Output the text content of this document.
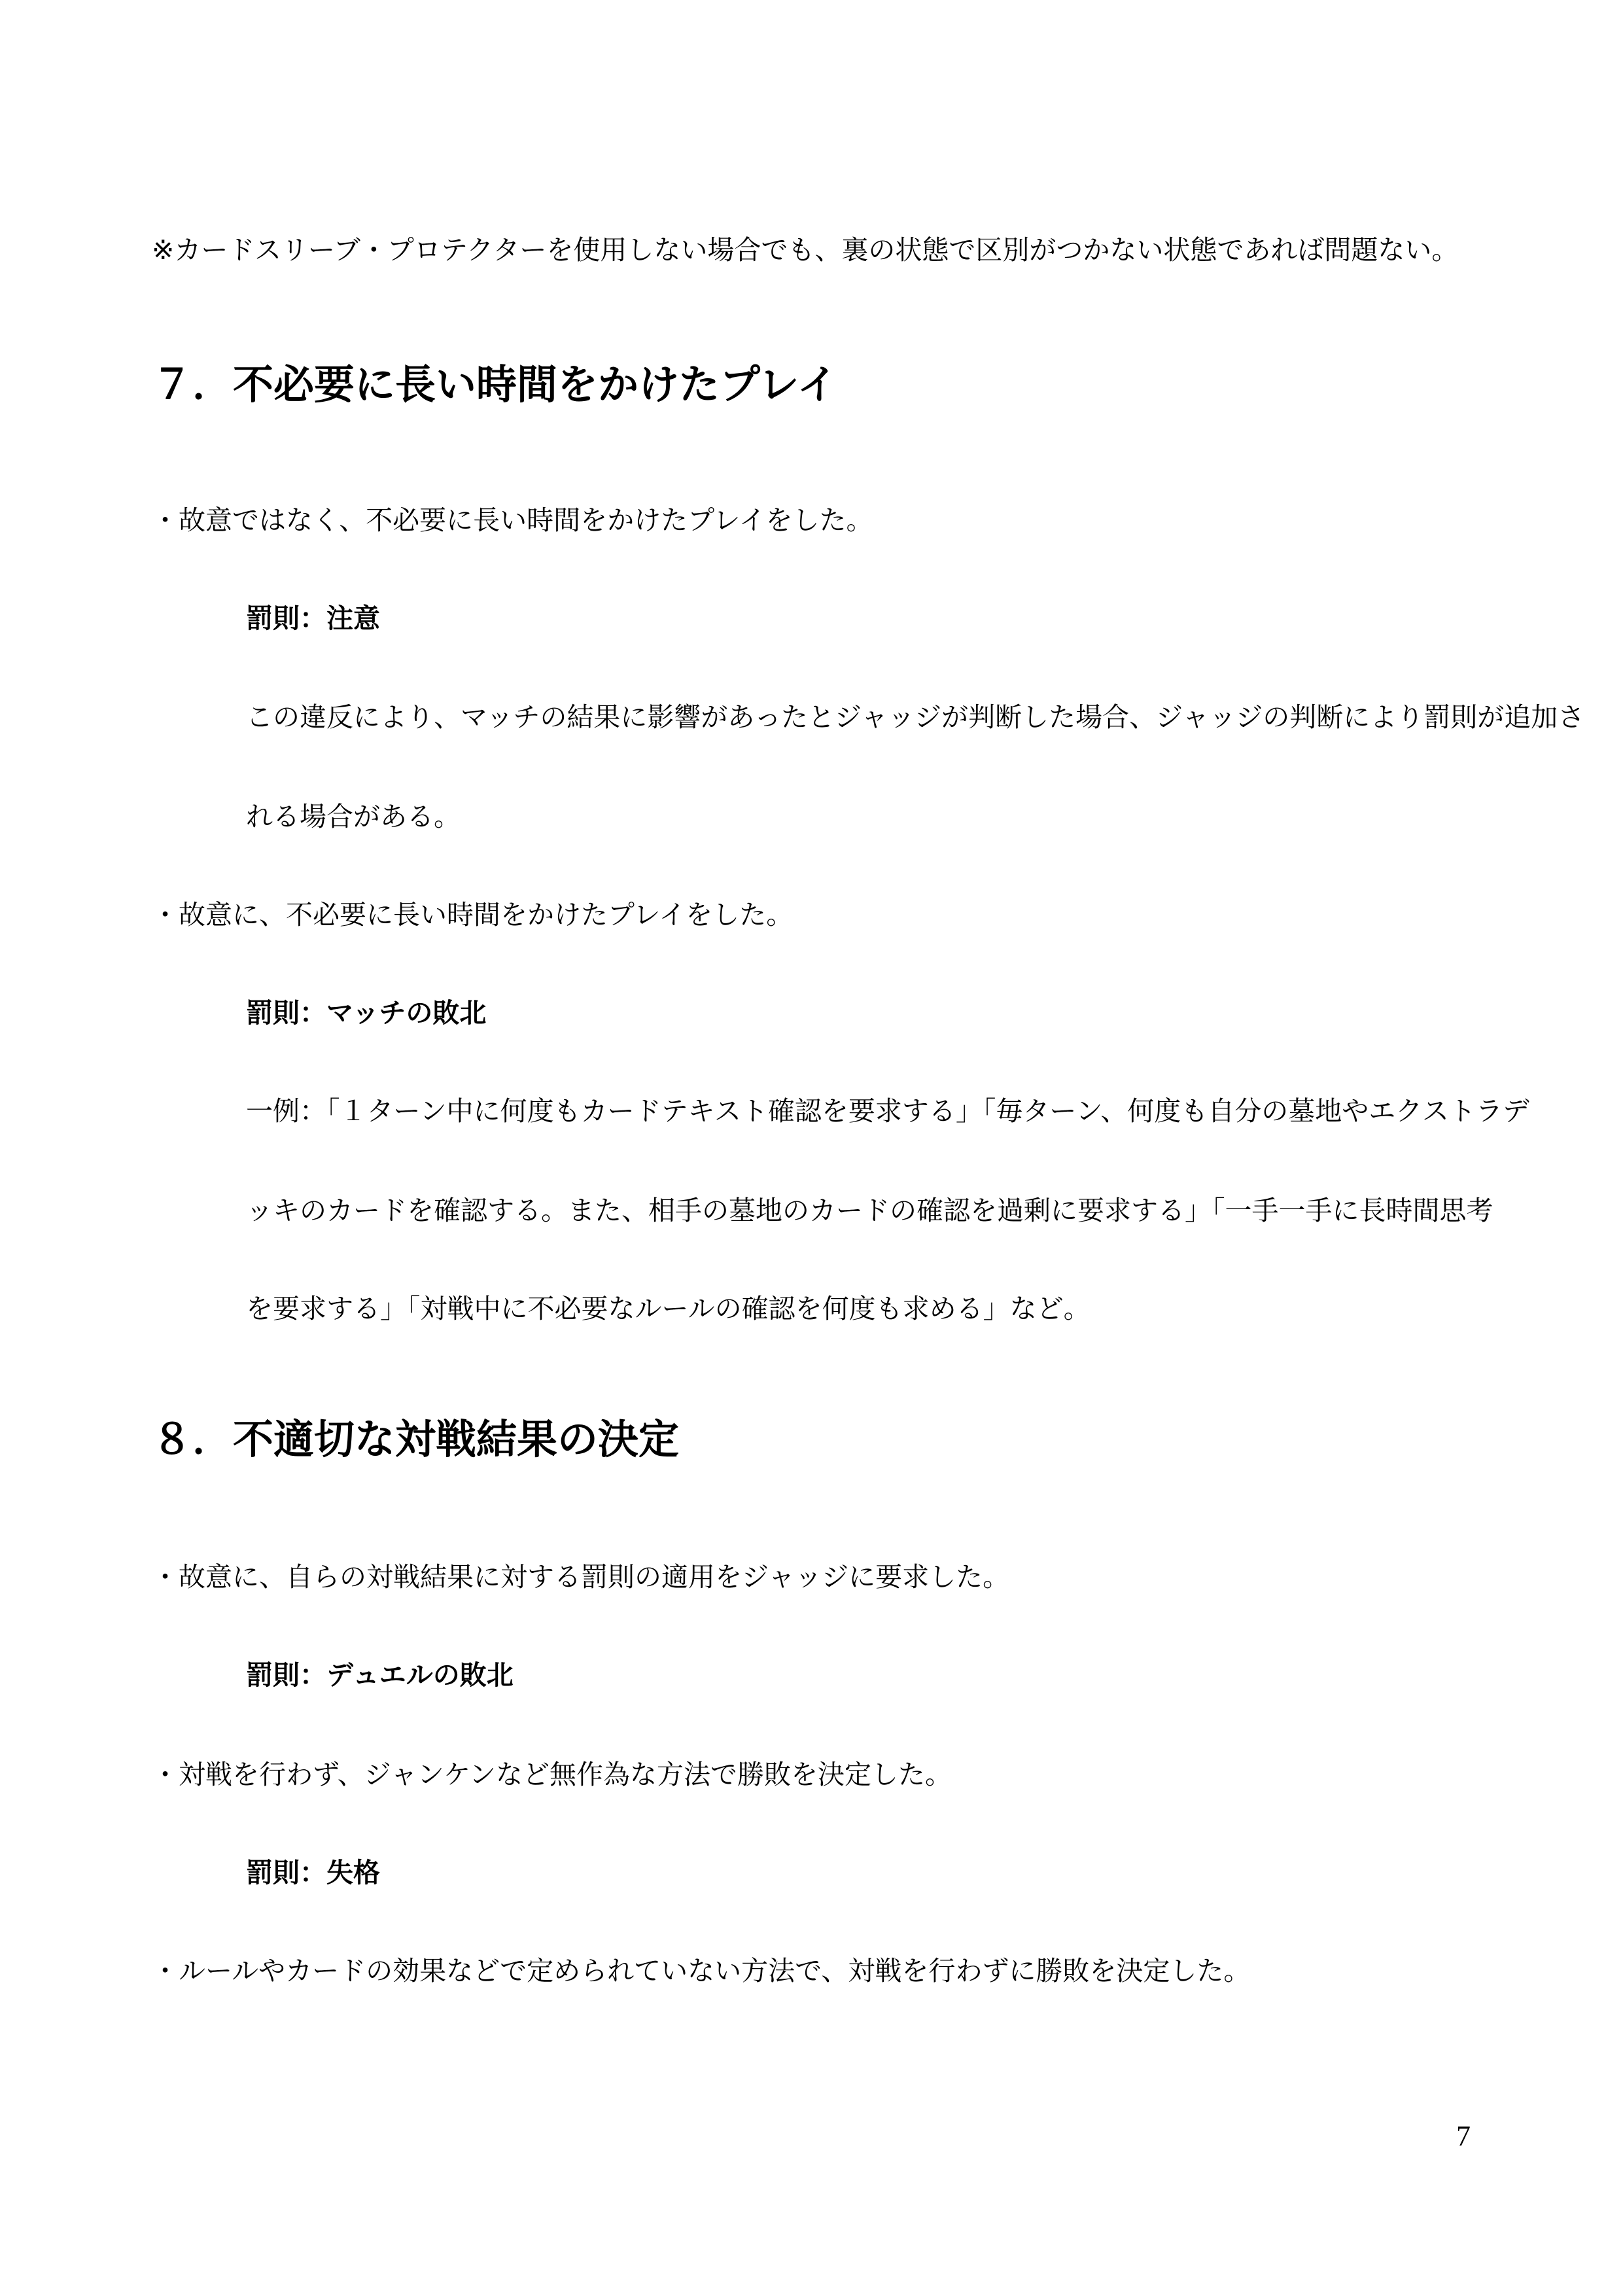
※カードスリーブ・プロテクターを使用しない場合でも、裏の状態で区別がつかない状態であれば問題ない。
７．不必要に長い時間をかけたプレイ
・故意ではなく、不必要に長い時間をかけたプレイをした。
罰則：注意
この違反により、マッチの結果に影響があったとジャッジが判断した場合、ジャッジの判断により罰則が追加さ
れる場合がある。
・故意に、不必要に長い時間をかけたプレイをした。
罰則：マッチの敗北
一例：「１ターン中に何度もカードテキスト確認を要求する」「毎ターン、何度も自分の墓地やエクストラデ
ッキのカードを確認する。また、相手の墓地のカードの確認を過剰に要求する」「一手一手に長時間思考
を要求する」「対戦中に不必要なルールの確認を何度も求める」など。
８．不適切な対戦結果の決定
・故意に、自らの対戦結果に対する罰則の適用をジャッジに要求した。
罰則：デュエルの敗北
・対戦を行わず、ジャンケンなど無作為な方法で勝敗を決定した。
罰則：失格
・ルールやカードの効果などで定められていない方法で、対戦を行わずに勝敗を決定した。
7
